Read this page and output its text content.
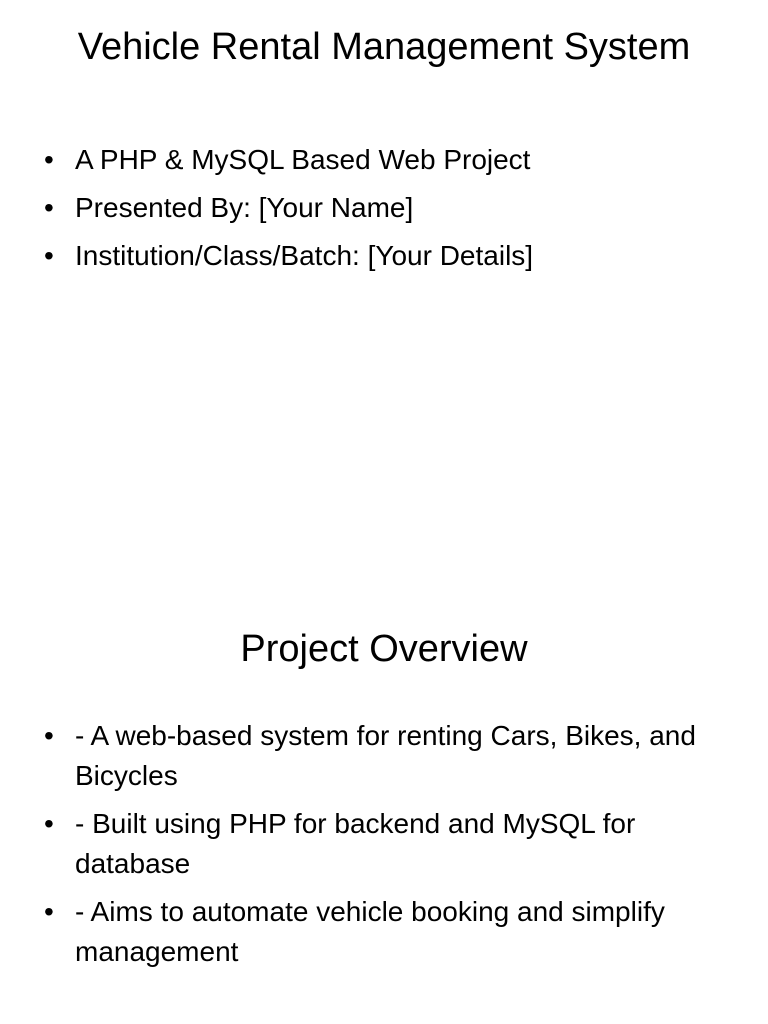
Vehicle Rental Management System
• A PHP & MySQL Based Web Project
• Presented By: [Your Name]
• Institution/Class/Batch: [Your Details]
Project Overview
• - A web-based system for renting Cars, Bikes, and Bicycles
• - Built using PHP for backend and MySQL for database
• - Aims to automate vehicle booking and simplify management
